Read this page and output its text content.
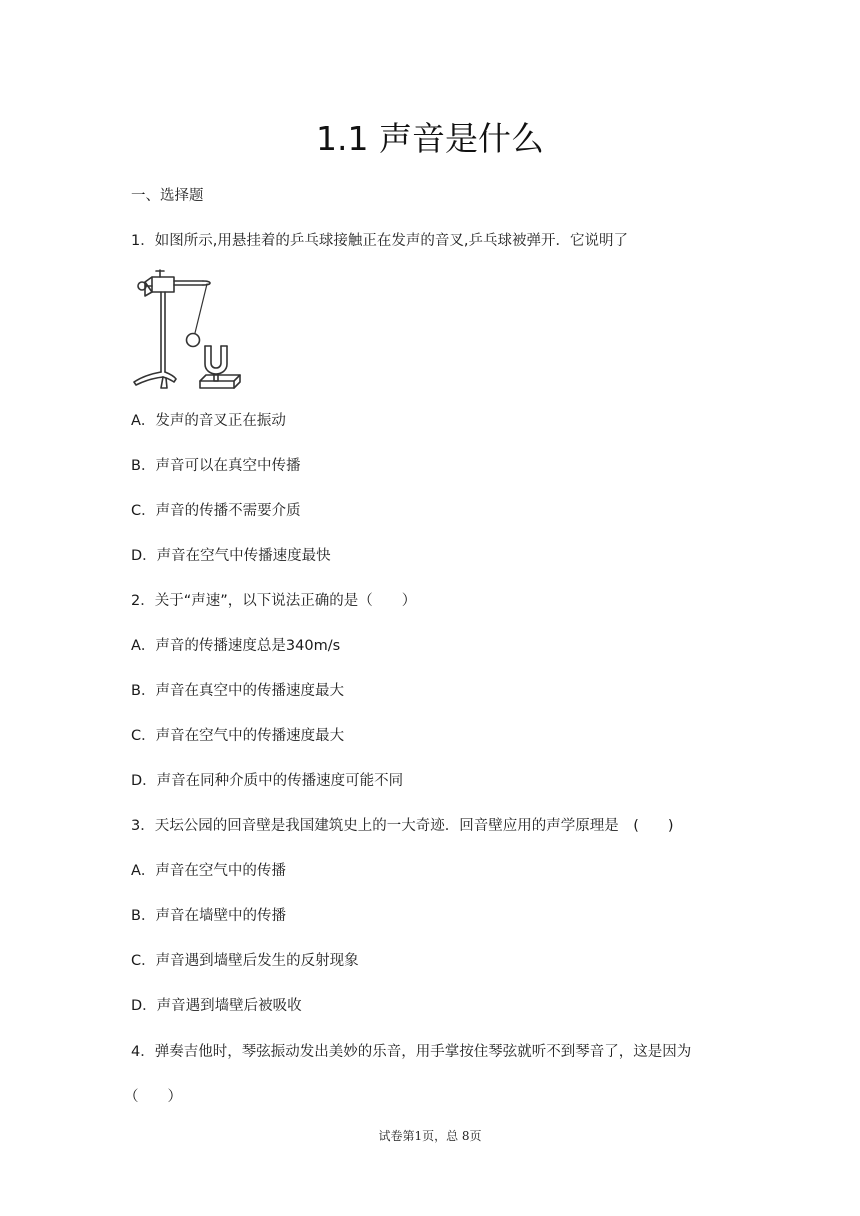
1.1 声音是什么
一、选择题
1．如图所示,用悬挂着的乒乓球接触正在发声的音叉,乒乓球被弹开．它说明了
A．发声的音叉正在振动
B．声音可以在真空中传播
C．声音的传播不需要介质
D．声音在空气中传播速度最快
2．关于“声速”，以下说法正确的是（　　）
A．声音的传播速度总是340m/s
B．声音在真空中的传播速度最大
C．声音在空气中的传播速度最大
D．声音在同种介质中的传播速度可能不同
3．天坛公园的回音壁是我国建筑史上的一大奇迹．回音壁应用的声学原理是　(　　)
A．声音在空气中的传播
B．声音在墙壁中的传播
C．声音遇到墙壁后发生的反射现象
D．声音遇到墙壁后被吸收
4．弹奏吉他时，琴弦振动发出美妙的乐音，用手掌按住琴弦就听不到琴音了，这是因为
（　　）
试卷第1页，总 8页
